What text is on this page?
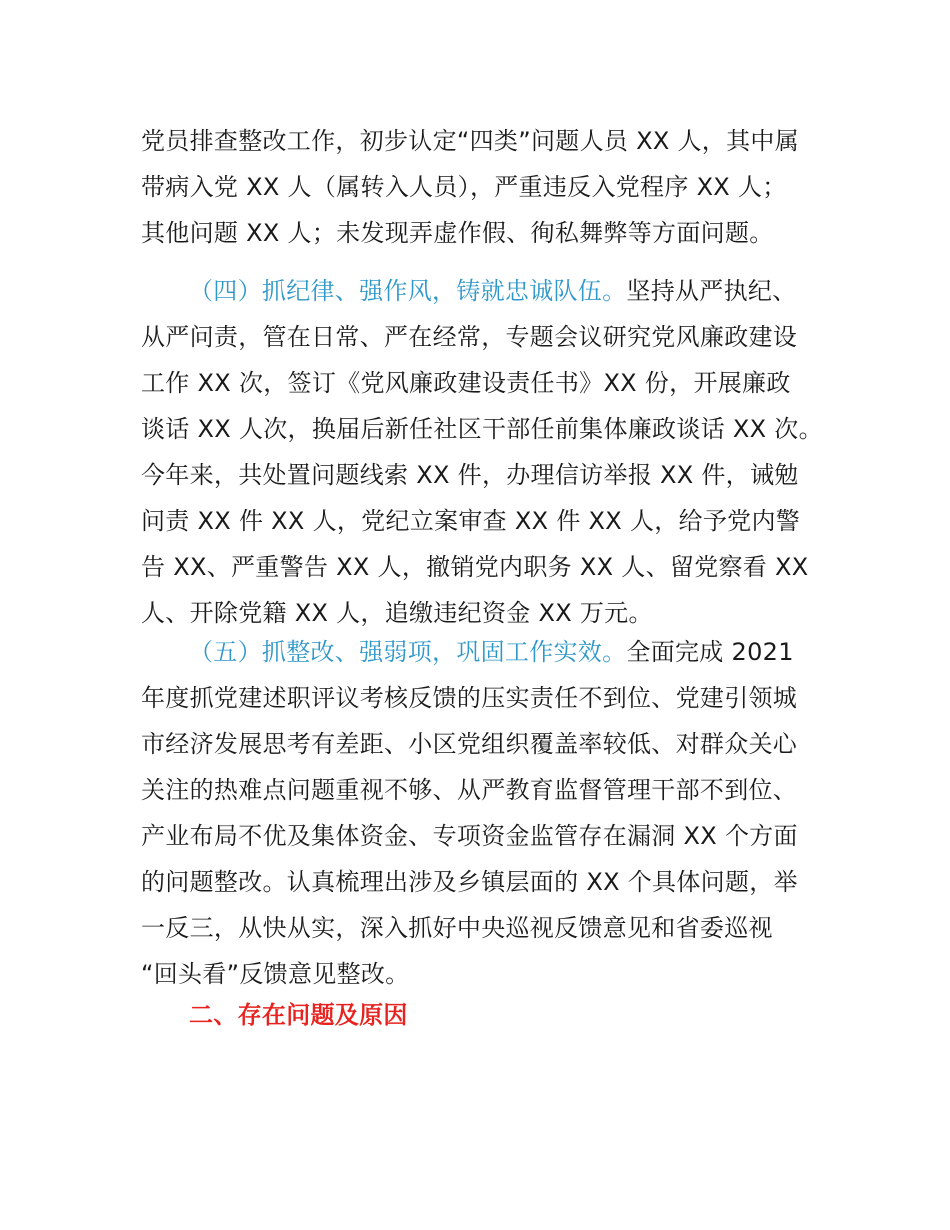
党员排查整改工作，初步认定“四类”问题人员 XX 人，其中属
带病入党 XX 人（属转入人员），严重违反入党程序 XX 人；
其他问题 XX 人；未发现弄虚作假、徇私舞弊等方面问题。
（四）抓纪律、强作风，铸就忠诚队伍。坚持从严执纪、
从严问责，管在日常、严在经常，专题会议研究党风廉政建设
工作 XX 次，签订《党风廉政建设责任书》XX 份，开展廉政
谈话 XX 人次，换届后新任社区干部任前集体廉政谈话 XX 次。
今年来，共处置问题线索 XX 件，办理信访举报 XX 件，诫勉
问责 XX 件 XX 人，党纪立案审查 XX 件 XX 人，给予党内警
告 XX、严重警告 XX 人，撤销党内职务 XX 人、留党察看 XX
人、开除党籍 XX 人，追缴违纪资金 XX 万元。
（五）抓整改、强弱项，巩固工作实效。全面完成 2021
年度抓党建述职评议考核反馈的压实责任不到位、党建引领城
市经济发展思考有差距、小区党组织覆盖率较低、对群众关心
关注的热难点问题重视不够、从严教育监督管理干部不到位、
产业布局不优及集体资金、专项资金监管存在漏洞 XX 个方面
的问题整改。认真梳理出涉及乡镇层面的 XX 个具体问题，举
一反三，从快从实，深入抓好中央巡视反馈意见和省委巡视
“回头看”反馈意见整改。
二、存在问题及原因
